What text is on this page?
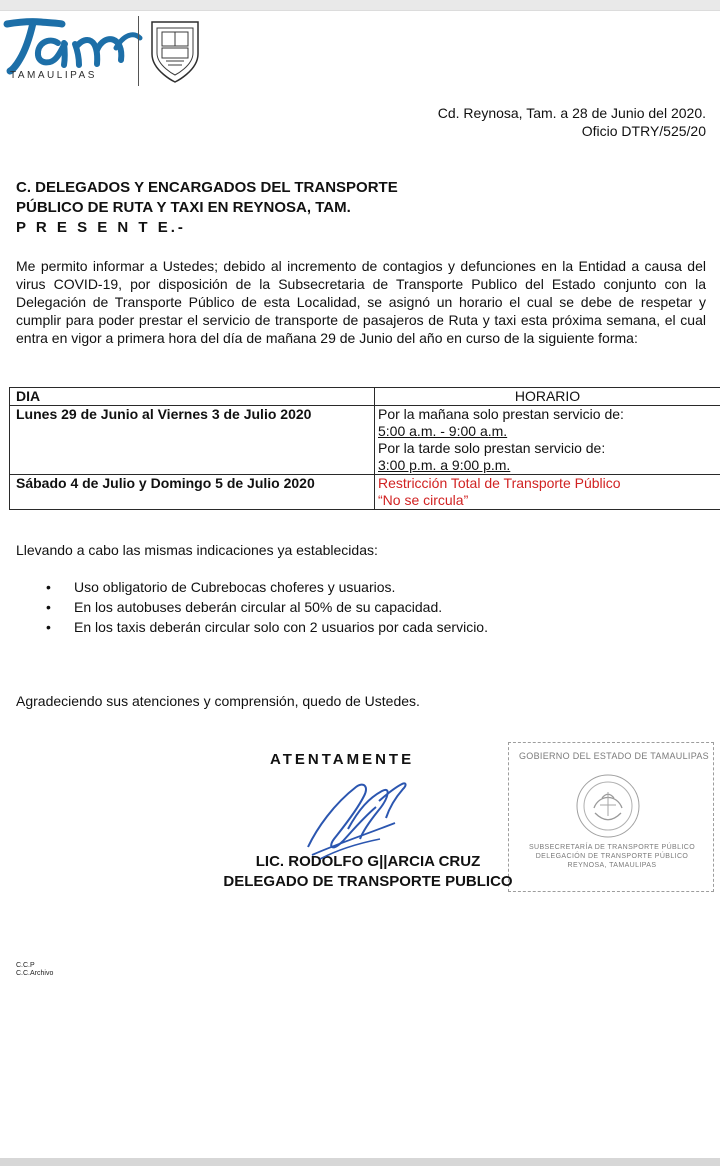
TAMAULIPAS
Cd. Reynosa, Tam. a 28 de Junio del 2020.
Oficio DTRY/525/20
C. DELEGADOS Y ENCARGADOS DEL TRANSPORTE
PÚBLICO DE RUTA Y TAXI EN REYNOSA, TAM.
P R E S E N T E.-
Me permito informar a Ustedes; debido al incremento de contagios y defunciones en la Entidad a causa del virus COVID-19, por disposición de la Subsecretaria de Transporte Publico del Estado conjunto con la Delegación de Transporte Público de esta Localidad, se asignó un horario el cual se debe de respetar y cumplir para poder prestar el servicio de transporte de pasajeros de Ruta y taxi esta próxima semana, el cual entra en vigor a primera hora del día de mañana 29 de Junio del año en curso de la siguiente forma:
DIA	HORARIO
Lunes 29 de Junio al Viernes 3 de Julio 2020	Por la mañana solo prestan servicio de:
5:00 a.m. - 9:00 a.m.
Por la tarde solo prestan servicio de:
3:00 p.m. a 9:00 p.m.

Sábado 4 de Julio y Domingo 5 de Julio 2020	Restricción Total de Transporte Público
“No se circula”
Llevando a cabo las mismas indicaciones ya establecidas:
• Uso obligatorio de Cubrebocas choferes y usuarios.
• En los autobuses deberán circular al 50% de su capacidad.
• En los taxis deberán circular solo con 2 usuarios por cada servicio.
Agradeciendo sus atenciones y comprensión, quedo de Ustedes.
GOBIERNO DEL ESTADO DE TAMAULIPAS
SUBSECRETARÍA DE TRANSPORTE PÚBLICO
DELEGACIÓN DE TRANSPORTE PÚBLICO
REYNOSA, TAMAULIPAS
ATENTAMENTE
LIC. RODOLFO G||ARCIA CRUZ
DELEGADO DE TRANSPORTE PUBLICO
C.C.P
C.C.Archivo
